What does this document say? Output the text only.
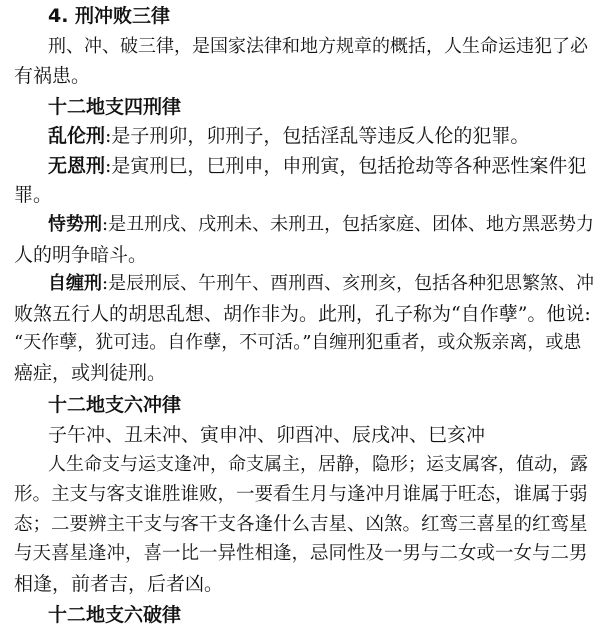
4. 刑冲败三律
刑、冲、破三律，是国家法律和地方规章的概括，人生命运违犯了必
有祸患。
十二地支四刑律
乱伦刑:是子刑卯，卯刑子，包括淫乱等违反人伦的犯罪。
无恩刑:是寅刑巳，巳刑申，申刑寅，包括抢劫等各种恶性案件犯
罪。
恃势刑:是丑刑戌、戌刑未、未刑丑，包括家庭、团体、地方黑恶势力
人的明争暗斗。
自缠刑:是辰刑辰、午刑午、酉刑酉、亥刑亥，包括各种犯思繁煞、冲
败煞五行人的胡思乱想、胡作非为。此刑，孔子称为“自作孽”。他说:
“天作孽，犹可违。自作孽，不可活。”自缠刑犯重者，或众叛亲离，或患
癌症，或判徒刑。
十二地支六冲律
子午冲、丑未冲、寅申冲、卯酉冲、辰戌冲、巳亥冲
人生命支与运支逢冲，命支属主，居静，隐形；运支属客，值动，露
形。主支与客支谁胜谁败，一要看生月与逢冲月谁属于旺态，谁属于弱
态；二要辨主干支与客干支各逢什么吉星、凶煞。红鸾三喜星的红鸾星
与天喜星逢冲，喜一比一异性相逢，忌同性及一男与二女或一女与二男
相逢，前者吉，后者凶。
十二地支六破律
